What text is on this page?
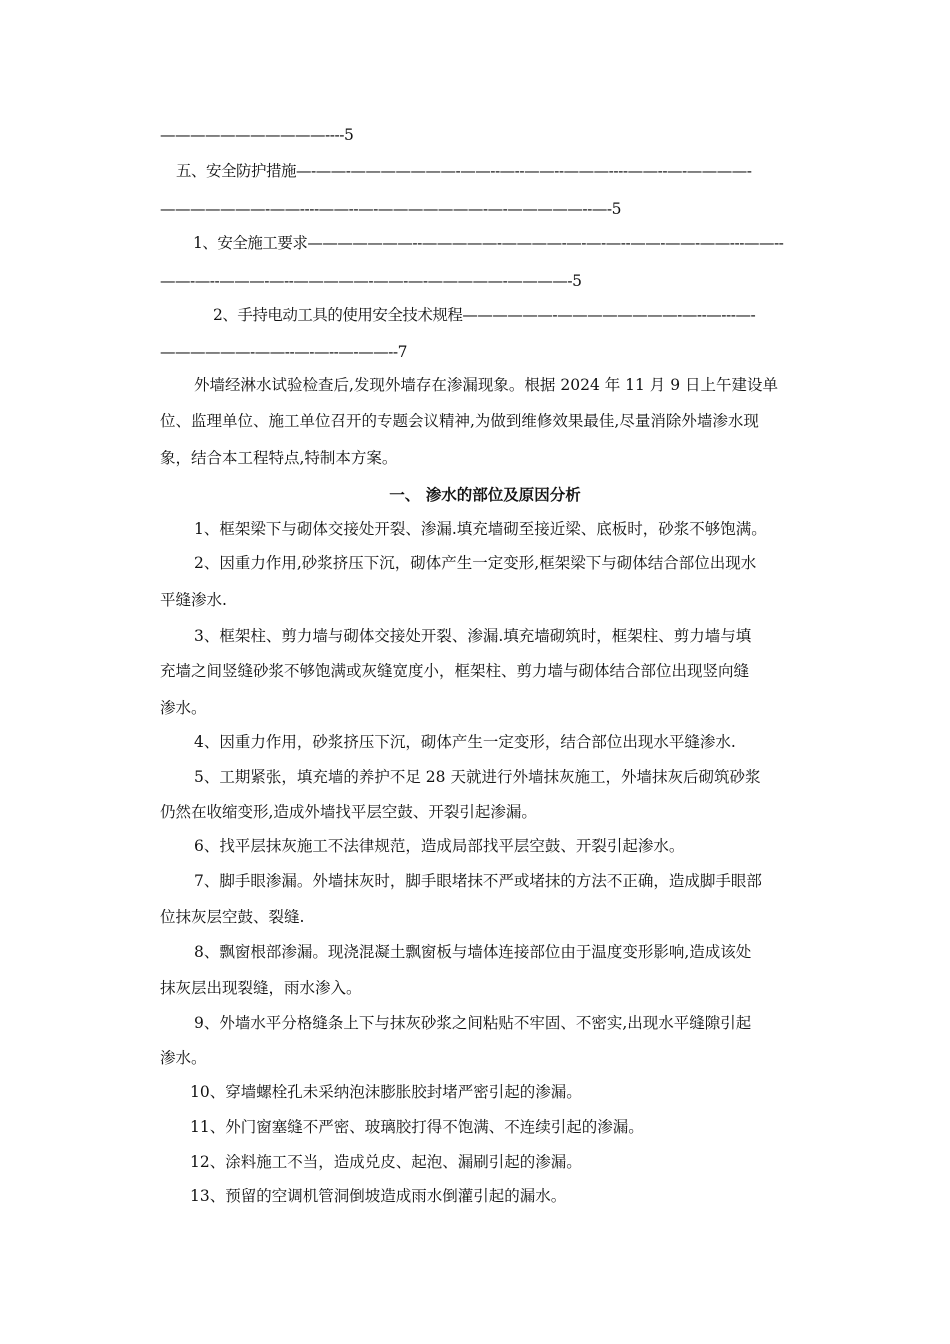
———————————----5
五、安全防护措施—-——-———————-——--—--——--———----——--—-————-
———————-——----——--—-———————-—-—————--—-5
1、安全施工要求———————--—————-————-—-—-—--——-——-——---——--
——-—--———-—--—————-——-—-—————-————-5
2、手持电动工具的使用安全技术规程——————-————————-—--—---—-
——————-——--—-—--—-——--7
外墙经淋水试验检查后,发现外墙存在渗漏现象。根据 2024 年 11 月 9 日上午建设单
位、监理单位、施工单位召开的专题会议精神,为做到维修效果最佳,尽量消除外墙渗水现
象，结合本工程特点,特制本方案。
一、 渗水的部位及原因分析
1、框架梁下与砌体交接处开裂、渗漏.填充墙砌至接近梁、底板时，砂浆不够饱满。
2、因重力作用,砂浆挤压下沉，砌体产生一定变形,框架梁下与砌体结合部位出现水
平缝渗水.
3、框架柱、剪力墙与砌体交接处开裂、渗漏.填充墙砌筑时，框架柱、剪力墙与填
充墙之间竖缝砂浆不够饱满或灰缝宽度小，框架柱、剪力墙与砌体结合部位出现竖向缝
渗水。
4、因重力作用，砂浆挤压下沉，砌体产生一定变形，结合部位出现水平缝渗水.
5、工期紧张，填充墙的养护不足 28 天就进行外墙抹灰施工，外墙抹灰后砌筑砂浆
仍然在收缩变形,造成外墙找平层空鼓、开裂引起渗漏。
6、找平层抹灰施工不法律规范，造成局部找平层空鼓、开裂引起渗水。
7、脚手眼渗漏。外墙抹灰时，脚手眼堵抹不严或堵抹的方法不正确，造成脚手眼部
位抹灰层空鼓、裂缝.
8、飘窗根部渗漏。现浇混凝土飘窗板与墙体连接部位由于温度变形影响,造成该处
抹灰层出现裂缝，雨水渗入。
9、外墙水平分格缝条上下与抹灰砂浆之间粘贴不牢固、不密实,出现水平缝隙引起
渗水。
10、穿墙螺栓孔未采纳泡沫膨胀胶封堵严密引起的渗漏。
11、外门窗塞缝不严密、玻璃胶打得不饱满、不连续引起的渗漏。
12、涂料施工不当，造成兑皮、起泡、漏刷引起的渗漏。
13、预留的空调机管洞倒坡造成雨水倒灌引起的漏水。
